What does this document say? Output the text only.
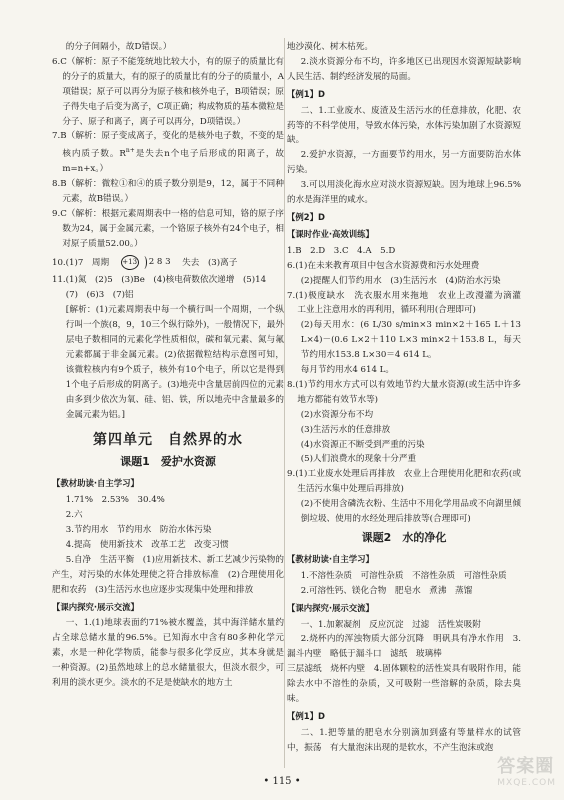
的分子间隔小，故D错误。）

6.C（解析：原子不能笼统地比较大小，有的原子的质量比有的分子的质量大，有的原子的质量比有的分子的质量小，A项错误；原子可以再分为原子核和核外电子，B项错误；原子得失电子后变为离子，C项正确；构成物质的基本微粒是分子、原子和离子，离子可以再分，D项错误。）

7.B（解析：原子变成离子，变化的是核外电子数，不变的是核内质子数。$R^{n+}$是失去n个电子后形成的阳离子，故m=n+x。）

8.B（解析：微粒①和④的质子数分别是9，12，属于不同种元素，故B错误。）

9.C（解析：根据元素周期表中一格的信息可知，铬的原子序数为24，属于金属元素，一个铬原子核外有24个电子，相对原子质量52.00。）

10.(1)7　周期　 +13 2 8 3 　失去　(3)离子

11.(1)氮　(2)5　(3)Be　(4)核电荷数依次递增　(5)14

(7)　(6)3　(7)铝

[解析：(1)元素周期表中每一个横行叫一个周期，一个纵行叫一个族(8，9，10三个纵行除外)，一般情况下，最外层电子数相同的元素化学性质相似，碳和氧元素、氮与氟元素都属于非金属元素。(2)依据微粒结构示意图可知，该微粒核内有9个质子，核外有10个电子，所以它是得到1个电子后形成的阴离子。(3)地壳中含量居前四位的元素由多到少依次为氧、硅、铝、铁，所以地壳中含量最多的金属元素为铝。]

第四单元　自然界的水
课题1　爱护水资源
【教材助读·自主学习】

1.71%　2.53%　30.4%

2.六

3.节约用水　节约用水　防治水体污染

4.提高　使用新技术　改革工艺　改变习惯

5.自净　生活平衡　(1)应用新技术、新工艺减少污染物的产生，对污染的水体处理使之符合排放标准　(2)合理使用化肥和农药　(3)生活污水也应逐步实现集中处理和排放

【课内探究·展示交流】

一、1.(1)地球表面约71%被水覆盖，其中海洋储水量约占全球总储水量的96.5%。已知海水中含有80多种化学元素，水是一种化学物质，能参与很多化学反应，其本身就是一种资源。(2)虽然地球上的总水储量很大，但淡水很少，可利用的淡水更少。淡水的不足是使缺水的地方土

地沙漠化、树木枯死。

2.淡水资源分布不均，许多地区已出现因水资源短缺影响人民生活、制约经济发展的局面。

【例1】D

二、1.工业废水、废渣及生活污水的任意排放，化肥、农药等的不科学使用，导致水体污染，水体污染加剧了水资源短缺。

2.爱护水资源，一方面要节约用水，另一方面要防治水体污染。

3.可以用淡化海水应对淡水资源短缺。因为地球上96.5%的水是海洋里的咸水。

【例2】D
【课时作业·高效训练】

1.B　2.D　3.C　4.A　5.D

6.(1)在未来教育项目中包含水资源费和污水处理费

(2)提醒人们节约用水　(3)生活污水　(4)防治水污染

7.(1)极度缺水　洗衣服水用来拖地　农业上改漫灌为滴灌　工业上注意用水的再利用，循环利用(合理即可)

(2)每天用水：(6 L/30 s/min×3 min×2＋165 L＋13 L×4)－(0.6 L×2＋110 L×3 min×2＋153.8 L，每天节约用水153.8 L×30＝4 614 L。

每月节约用水4 614 L。

8.(1)节约用水方式可以有效地节约大量水资源(或生活中许多地方都能有效节水等)

(2)水资源分布不均

(3)生活污水的任意排放

(4)水资源正不断受到严重的污染

(5)人们浪费水的现象十分严重

9.(1)工业废水处理后再排放　农业上合理使用化肥和农药(或生活污水集中处理后再排放)

(2)不使用含磷洗衣粉、生活中不用化学用品或不向湖里倾倒垃圾、使用的水经处理后排放等(合理即可)

课题2　水的净化
【教材助读·自主学习】

1.不溶性杂质　可溶性杂质　不溶性杂质　可溶性杂质

2.可溶性钙、镁化合物　肥皂水　煮沸　蒸馏

【课内探究·展示交流】

一、1.加絮凝剂　反应沉淀　过滤　活性炭吸附

2.烧杯内的浑浊物质大部分沉降　明矾具有净水作用　3.漏斗内壁　略低于漏斗口　滤纸　玻璃棒

三层滤纸　烧杯内壁　4.固体颗粒的活性炭具有吸附作用，能除去水中不溶性的杂质，又可吸附一些溶解的杂质，除去臭味。

【例1】D

二、1.把等量的肥皂水分别滴加到盛有等量样水的试管中，振荡　有大量泡沫出现的是软水，不产生泡沫或泡

• 115 •
答案圈
MXQE.COM
